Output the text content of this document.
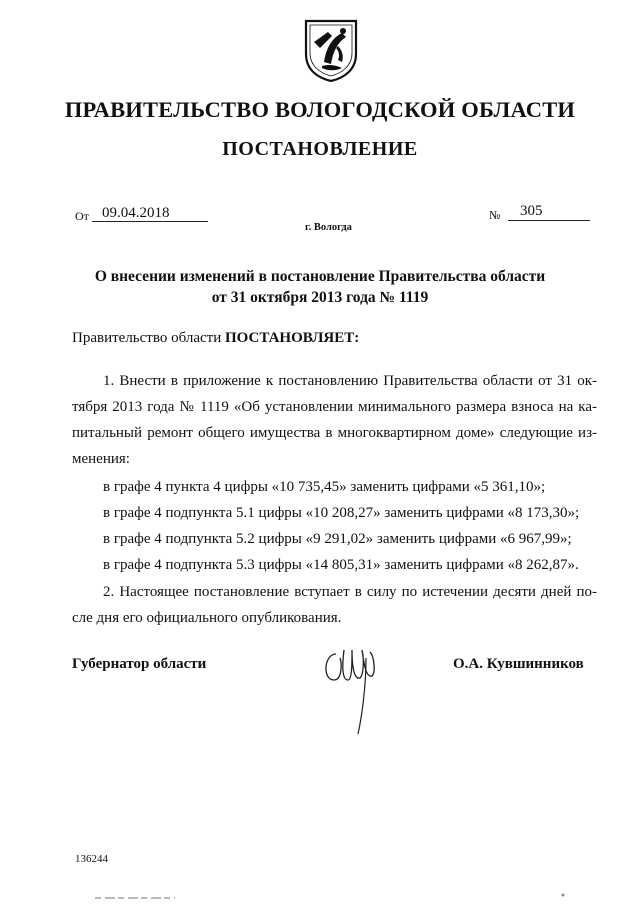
ПРАВИТЕЛЬСТВО ВОЛОГОДСКОЙ ОБЛАСТИ
ПОСТАНОВЛЕНИЕ
От 09.04.2018	№	305
г. Вологда
О внесении изменений в постановление Правительства области
от 31 октября 2013 года № 1119
Правительство области ПОСТАНОВЛЯЕТ:
1. Внести в приложение к постановлению Правительства области от 31 ок-
тября 2013 года № 1119 «Об установлении минимального размера взноса на ка-
питальный ремонт общего имущества в многоквартирном доме» следующие из-
менения:
в графе 4 пункта 4 цифры «10 735,45» заменить цифрами «5 361,10»;
в графе 4 подпункта 5.1 цифры «10 208,27» заменить цифрами «8 173,30»;
в графе 4 подпункта 5.2 цифры «9 291,02» заменить цифрами «6 967,99»;
в графе 4 подпункта 5.3 цифры «14 805,31» заменить цифрами «8 262,87».
2. Настоящее постановление вступает в силу по истечении десяти дней по-
сле дня его официального опубликования.
Губернатор области	О.А. Кувшинников
136244
